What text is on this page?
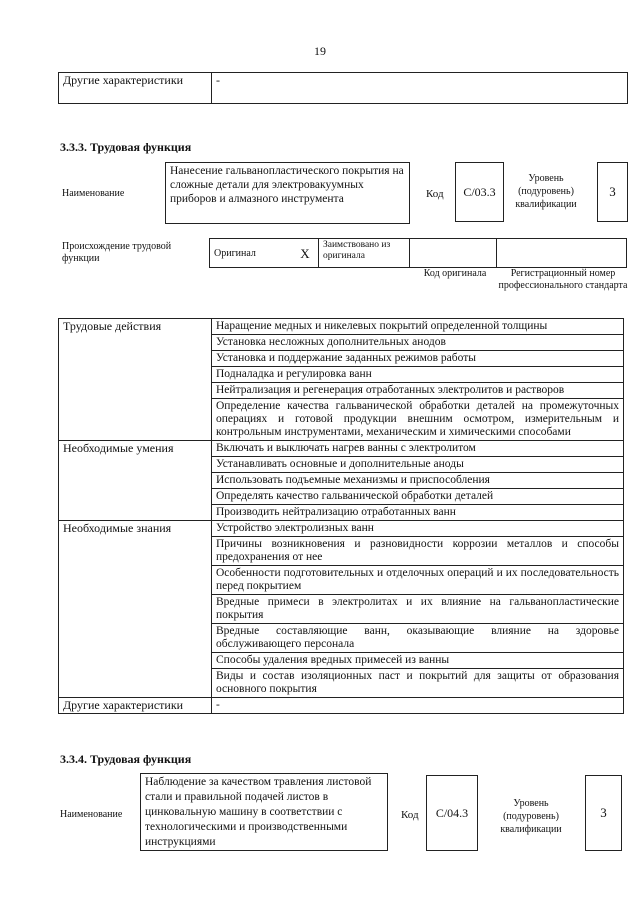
19
Другие характеристики	-
3.3.3. Трудовая функция
Наименование
Нанесение гальванопластического покрытия на сложные детали для электровакуумных приборов и алмазного инструмента	Код	C/03.3
Уровень (подуровень) квалификации
3
Происхождение трудовой функции	Оригинал	X	Заимствовано из оригинала		
Код оригинала	Регистрационный номер профессионального стандарта
Трудовые действия	Наращение медных и никелевых покрытий определенной толщины
	Установка несложных дополнительных анодов
	Установка и поддержание заданных режимов работы
	Подналадка и регулировка ванн
	Нейтрализация и регенерация отработанных электролитов и растворов
	Определение качества гальванической обработки деталей на промежуточных операциях и готовой продукции внешним осмотром, измерительным и контрольным инструментами, механическим и химическими способами
Необходимые умения	Включать и выключать нагрев ванны с электролитом
	Устанавливать основные и дополнительные аноды
	Использовать подъемные механизмы и приспособления
	Определять качество гальванической обработки деталей
	Производить нейтрализацию отработанных ванн
Необходимые знания	Устройство электролизных ванн
	Причины возникновения и разновидности коррозии металлов и способы предохранения от нее
	Особенности подготовительных и отделочных операций и их последовательность перед покрытием
	Вредные примеси в электролитах и их влияние на гальванопластические покрытия
	Вредные составляющие ванн, оказывающие влияние на здоровье обслуживающего персонала
	Способы удаления вредных примесей из ванны
	Виды и состав изоляционных паст и покрытий для защиты от образования основного покрытия
Другие характеристики	-
3.3.4. Трудовая функция
Наименование
Наблюдение за качеством травления листовой стали и правильной подачей листов в цинковальную машину в соответствии с технологическими и производственными инструкциями
Код	C/04.3
Уровень (подуровень) квалификации
3
